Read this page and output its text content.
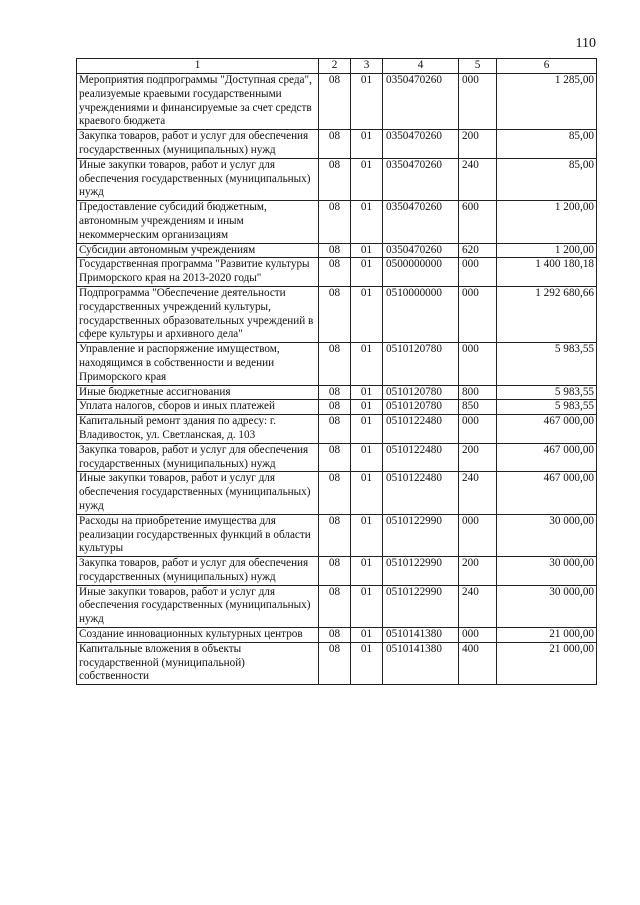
110
1	2	3	4	5	6
Мероприятия подпрограммы "Доступная среда", реализуемые краевыми государственными учреждениями и финансируемые за счет средств краевого бюджета	08	01	0350470260	000	1 285,00
Закупка товаров, работ и услуг для обеспечения государственных (муниципальных) нужд	08	01	0350470260	200	85,00
Иные закупки товаров, работ и услуг для обеспечения государственных (муниципальных) нужд	08	01	0350470260	240	85,00
Предоставление субсидий бюджетным, автономным учреждениям и иным некоммерческим организациям	08	01	0350470260	600	1 200,00
Субсидии автономным учреждениям	08	01	0350470260	620	1 200,00
Государственная программа "Развитие культуры Приморского края на 2013-2020 годы"	08	01	0500000000	000	1 400 180,18
Подпрограмма "Обеспечение деятельности государственных учреждений культуры, государственных образовательных учреждений в сфере культуры и архивного дела"	08	01	0510000000	000	1 292 680,66
Управление и распоряжение имуществом, находящимся в собственности и ведении Приморского края	08	01	0510120780	000	5 983,55
Иные бюджетные ассигнования	08	01	0510120780	800	5 983,55
Уплата налогов, сборов и иных платежей	08	01	0510120780	850	5 983,55
Капитальный ремонт здания по адресу: г. Владивосток, ул. Светланская, д. 103	08	01	0510122480	000	467 000,00
Закупка товаров, работ и услуг для обеспечения государственных (муниципальных) нужд	08	01	0510122480	200	467 000,00
Иные закупки товаров, работ и услуг для обеспечения государственных (муниципальных) нужд	08	01	0510122480	240	467 000,00
Расходы на приобретение имущества для реализации государственных функций в области культуры	08	01	0510122990	000	30 000,00
Закупка товаров, работ и услуг для обеспечения государственных (муниципальных) нужд	08	01	0510122990	200	30 000,00
Иные закупки товаров, работ и услуг для обеспечения государственных (муниципальных) нужд	08	01	0510122990	240	30 000,00
Создание инновационных культурных центров	08	01	0510141380	000	21 000,00
Капитальные вложения в объекты государственной (муниципальной) собственности	08	01	0510141380	400	21 000,00
